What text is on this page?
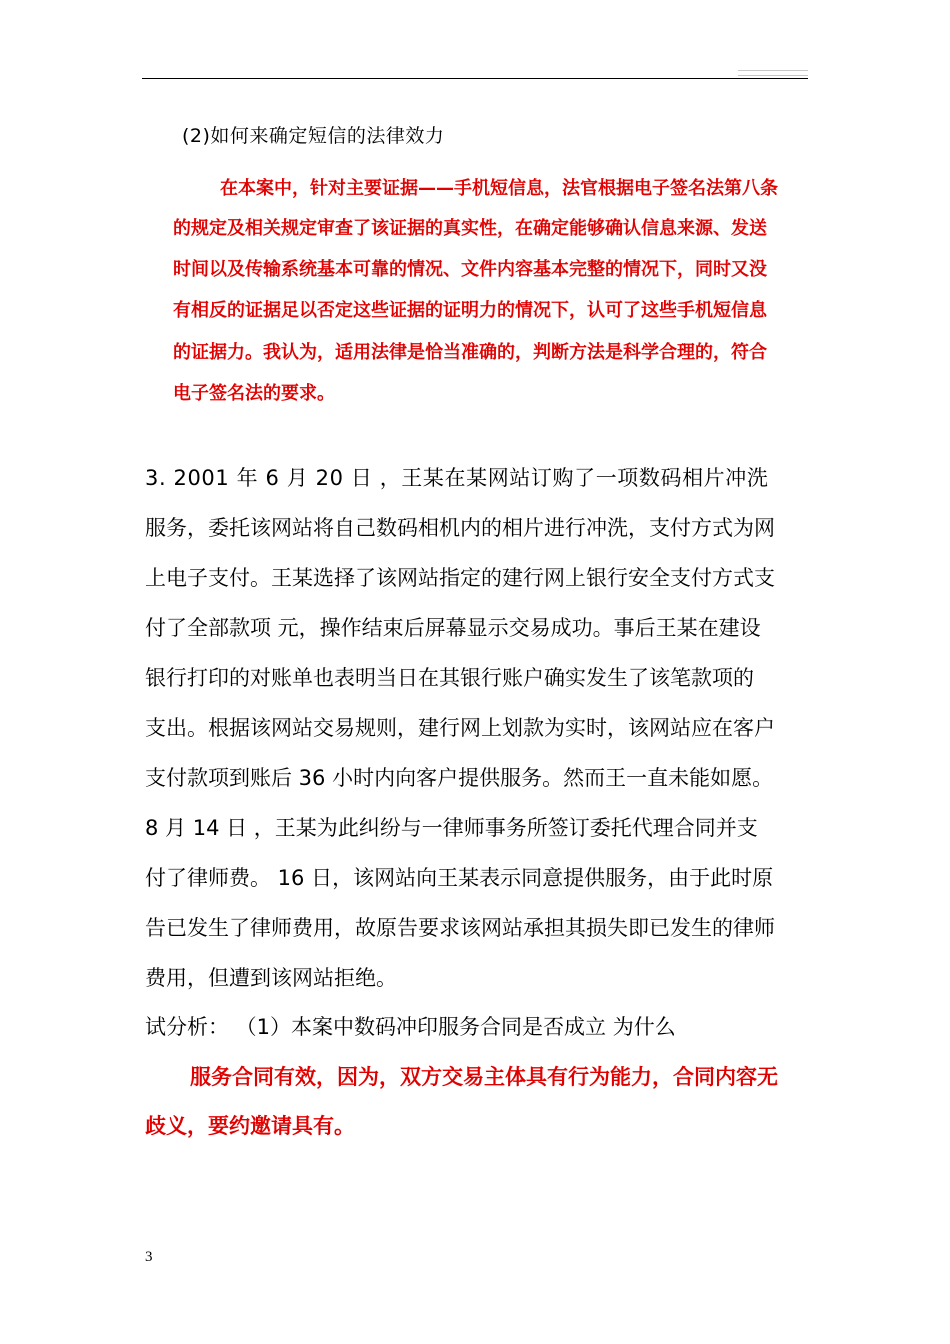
(2)如何来确定短信的法律效力
在本案中，针对主要证据——手机短信息，法官根据电子签名法第八条
的规定及相关规定审查了该证据的真实性，在确定能够确认信息来源、发送
时间以及传输系统基本可靠的情况、文件内容基本完整的情况下，同时又没
有相反的证据足以否定这些证据的证明力的情况下，认可了这些手机短信息
的证据力。我认为，适用法律是恰当准确的，判断方法是科学合理的，符合
电子签名法的要求。
3. 2001 年 6 月 20 日 ，王某在某网站订购了一项数码相片冲洗
服务，委托该网站将自己数码相机内的相片进行冲洗，支付方式为网
上电子支付。王某选择了该网站指定的建行网上银行安全支付方式支
付了全部款项 元，操作结束后屏幕显示交易成功。事后王某在建设
银行打印的对账单也表明当日在其银行账户确实发生了该笔款项的
支出。根据该网站交易规则，建行网上划款为实时，该网站应在客户
支付款项到账后 36 小时内向客户提供服务。然而王一直未能如愿。
8 月 14 日 ，王某为此纠纷与一律师事务所签订委托代理合同并支
付了律师费。 16 日，该网站向王某表示同意提供服务，由于此时原
告已发生了律师费用，故原告要求该网站承担其损失即已发生的律师
费用，但遭到该网站拒绝。
试分析： （1）本案中数码冲印服务合同是否成立 为什么
服务合同有效，因为，双方交易主体具有行为能力，合同内容无
歧义，要约邀请具有。
3
